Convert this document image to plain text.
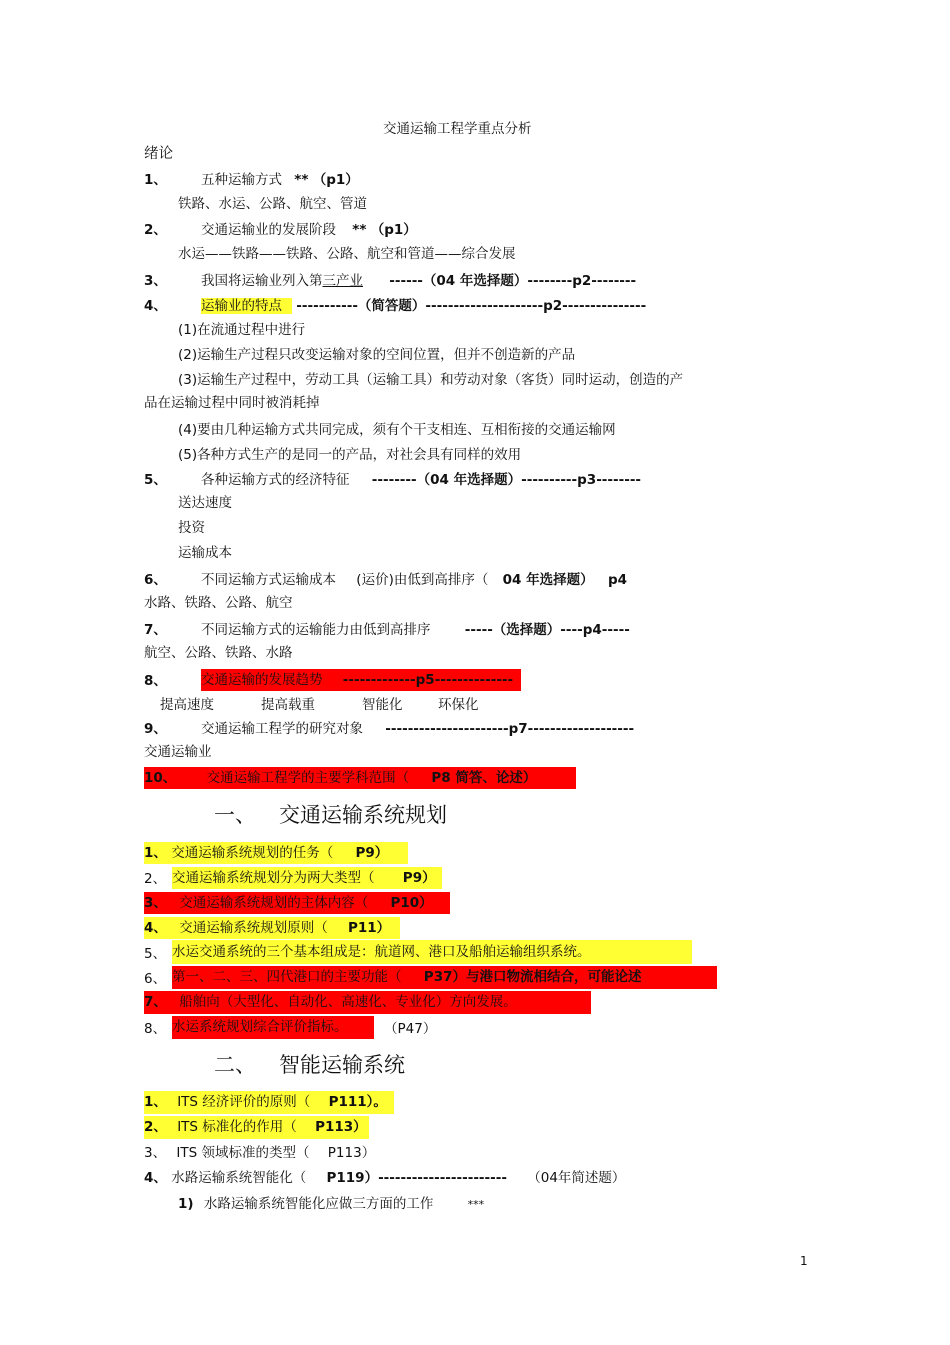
交通运输工程学重点分析
绪论
1、	五种运输方式 ** （p1）
铁路、水运、公路、航空、管道
2、	交通运输业的发展阶段 ** （p1）
水运——铁路——铁路、公路、航空和管道——综合发展
3、	我国将运输业列入第三产业 ------（04 年选择题）--------p2--------
4、	运输业的特点 -----------（简答题）---------------------p2---------------
(1)在流通过程中进行
(2)运输生产过程只改变运输对象的空间位置，但并不创造新的产品
(3)运输生产过程中，劳动工具（运输工具）和劳动对象（客货）同时运动，创造的产
品在运输过程中同时被消耗掉
(4)要由几种运输方式共同完成，须有个干支相连、互相衔接的交通运输网
(5)各种方式生产的是同一的产品，对社会具有同样的效用
5、	各种运输方式的经济特征 --------（04 年选择题）----------p3--------
送达速度
投资
运输成本
6、	不同运输方式运输成本 (运价)由低到高排序（ 04 年选择题） p4
水路、铁路、公路、航空
7、	不同运输方式的运输能力由低到高排序	-----（选择题）----p4-----
航空、公路、铁路、水路
8、	交通运输的发展趋势 -------------p5--------------
提高速度	提高载重	智能化	环保化
9、	交通运输工程学的研究对象 ----------------------p7-------------------
交通运输业
10、 交通运输工程学的主要学科范围（ P8 简答、论述）
一、 交通运输系统规划
1、 交通运输系统规划的任务（ P9）
2、 交通运输系统规划分为两大类型（ P9）
3、 交通运输系统规划的主体内容（ P10）
4、 交通运输系统规划原则（ P11）
5、 水运交通系统的三个基本组成是：航道网、港口及船舶运输组织系统。
6、 第一、二、三、四代港口的主要功能（ P37）与港口物流相结合，可能论述
7、 船舶向（大型化、自动化、高速化、专业化）方向发展。
8、 水运系统规划综合评价指标。	（P47）
二、 智能运输系统
1、 ITS 经济评价的原则（ P111）。
2、 ITS 标准化的作用（ P113）
3、 ITS 领域标准的类型（ P113）
4、 水路运输系统智能化（ P119）----------------------- （04年简述题）
1) 水路运输系统智能化应做三方面的工作	***
1
